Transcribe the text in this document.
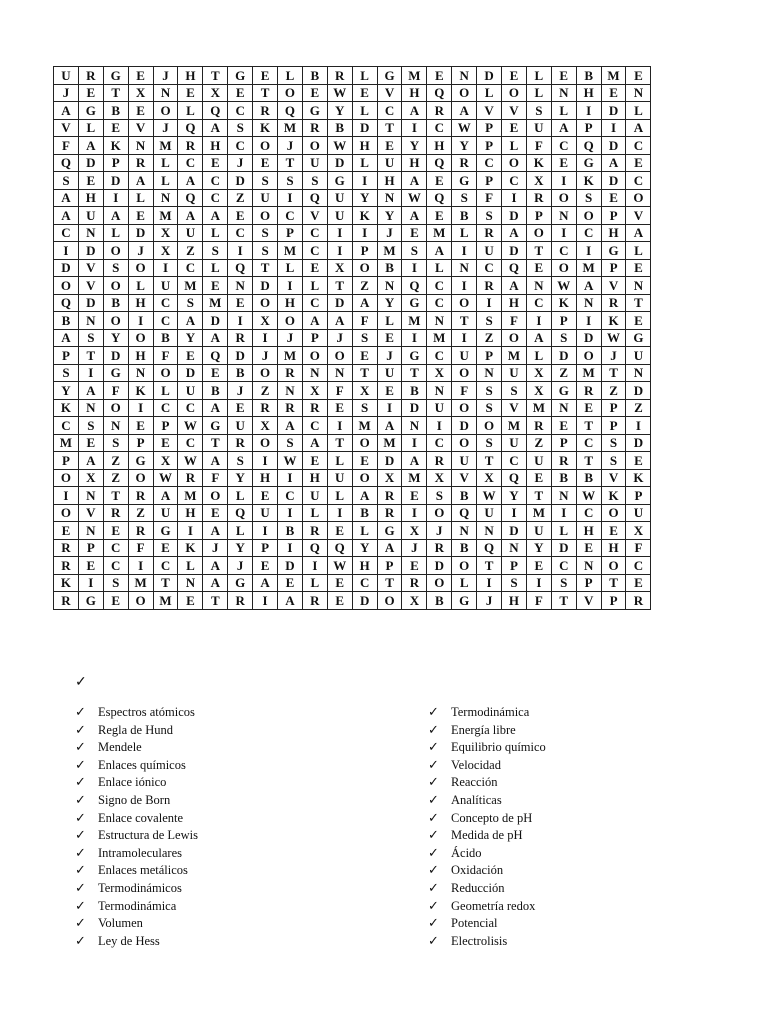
U	R	G	E	J	H	T	G	E	L	B	R	L	G	M	E	N	D	E	L	E	B	M	E
J	E	T	X	N	E	X	E	T	O	E	W	E	V	H	Q	O	L	O	L	N	H	E	N
A	G	B	E	O	L	Q	C	R	Q	G	Y	L	C	A	R	A	V	V	S	L	I	D	L
V	L	E	V	J	Q	A	S	K	M	R	B	D	T	I	C	W	P	E	U	A	P	I	A
F	A	K	N	M	R	H	C	O	J	O	W	H	E	Y	H	Y	P	L	F	C	Q	D	C
Q	D	P	R	L	C	E	J	E	T	U	D	L	U	H	Q	R	C	O	K	E	G	A	E
S	E	D	A	L	A	C	D	S	S	S	G	I	H	A	E	G	P	C	X	I	K	D	C
A	H	I	L	N	Q	C	Z	U	I	Q	U	Y	N	W	Q	S	F	I	R	O	S	E	O
A	U	A	E	M	A	A	E	O	C	V	U	K	Y	A	E	B	S	D	P	N	O	P	V
C	N	L	D	X	U	L	C	S	P	C	I	I	J	E	M	L	R	A	O	I	C	H	A
I	D	O	J	X	Z	S	I	S	M	C	I	P	M	S	A	I	U	D	T	C	I	G	L
D	V	S	O	I	C	L	Q	T	L	E	X	O	B	I	L	N	C	Q	E	O	M	P	E
O	V	O	L	U	M	E	N	D	I	L	T	Z	N	Q	C	I	R	A	N	W	A	V	N
Q	D	B	H	C	S	M	E	O	H	C	D	A	Y	G	C	O	I	H	C	K	N	R	T
B	N	O	I	C	A	D	I	X	O	A	A	F	L	M	N	T	S	F	I	P	I	K	E
A	S	Y	O	B	Y	A	R	I	J	P	J	S	E	I	M	I	Z	O	A	S	D	W	G
P	T	D	H	F	E	Q	D	J	M	O	O	E	J	G	C	U	P	M	L	D	O	J	U
S	I	G	N	O	D	E	B	O	R	N	N	T	U	T	X	O	N	U	X	Z	M	T	N
Y	A	F	K	L	U	B	J	Z	N	X	F	X	E	B	N	F	S	S	X	G	R	Z	D
K	N	O	I	C	C	A	E	R	R	R	E	S	I	D	U	O	S	V	M	N	E	P	Z
C	S	N	E	P	W	G	U	X	A	C	I	M	A	N	I	D	O	M	R	E	T	P	I
M	E	S	P	E	C	T	R	O	S	A	T	O	M	I	C	O	S	U	Z	P	C	S	D
P	A	Z	G	X	W	A	S	I	W	E	L	E	D	A	R	U	T	C	U	R	T	S	E
O	X	Z	O	W	R	F	Y	H	I	H	U	O	X	M	X	V	X	Q	E	B	B	V	K
I	N	T	R	A	M	O	L	E	C	U	L	A	R	E	S	B	W	Y	T	N	W	K	P
O	V	R	Z	U	H	E	Q	U	I	L	I	B	R	I	O	Q	U	I	M	I	C	O	U
E	N	E	R	G	I	A	L	I	B	R	E	L	G	X	J	N	N	D	U	L	H	E	X
R	P	C	F	E	K	J	Y	P	I	Q	Q	Y	A	J	R	B	Q	N	Y	D	E	H	F
R	E	C	I	C	L	A	J	E	D	I	W	H	P	E	D	O	T	P	E	C	N	O	C
K	I	S	M	T	N	A	G	A	E	L	E	C	T	R	O	L	I	S	I	S	P	T	E
R	G	E	O	M	E	T	R	I	A	R	E	D	O	X	B	G	J	H	F	T	V	P	R
✓
✓ Espectros atómicos
✓ Regla de Hund
✓ Mendele
✓ Enlaces químicos
✓ Enlace iónico
✓ Signo de Born
✓ Enlace covalente
✓ Estructura de Lewis
✓ Intramoleculares
✓ Enlaces metálicos
✓ Termodinámicos
✓ Termodinámica
✓ Volumen
✓ Ley de Hess
✓ Termodinámica
✓ Energía libre
✓ Equilibrio químico
✓ Velocidad
✓ Reacción
✓ Analíticas
✓ Concepto de pH
✓ Medida de pH
✓ Ácido
✓ Oxidación
✓ Reducción
✓ Geometría redox
✓ Potencial
✓ Electrolisis
